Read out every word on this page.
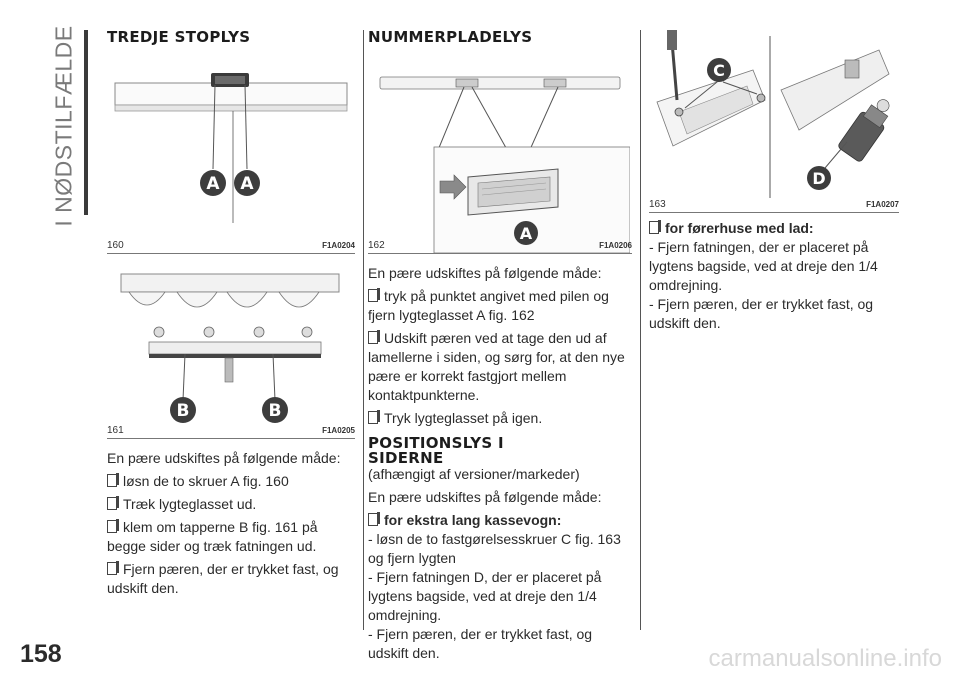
I NØDSTILFÆLDE TREDJE STOPLYS
A A
160	F1A0204
B	B
161	F1A0205

En pære udskiftes på følgende måde:

løsn de to skruer A fig. 160

Træk lygteglasset ud.

klem om tapperne B fig. 161 på begge sider og træk fatningen ud.

Fjern pæren, der er trykket fast, og udskift den.

NUMMERPLADELYS
A
162	F1A0206

En pære udskiftes på følgende måde:

tryk på punktet angivet med pilen og fjern lygteglasset A fig. 162

Udskift pæren ved at tage den ud af lamellerne i siden, og sørg for, at den nye pære er korrekt fastgjort mellem kontaktpunkterne.

Tryk lygteglasset på igen.

POSITIONSLYS I
SIDERNE

(afhængigt af versioner/markeder)

En pære udskiftes på følgende måde:

for ekstra lang kassevogn:

- løsn de to fastgørelsesskruer C fig. 163 og fjern lygten

- Fjern fatningen D, der er placeret på lygtens bagside, ved at dreje den 1/4 omdrejning.

- Fjern pæren, der er trykket fast, og udskift den.

C
D
163	F1A0207

for førerhuse med lad:

- Fjern fatningen, der er placeret på lygtens bagside, ved at dreje den 1/4 omdrejning.

- Fjern pæren, der er trykket fast, og udskift den.

158	carmanualsonline.info
